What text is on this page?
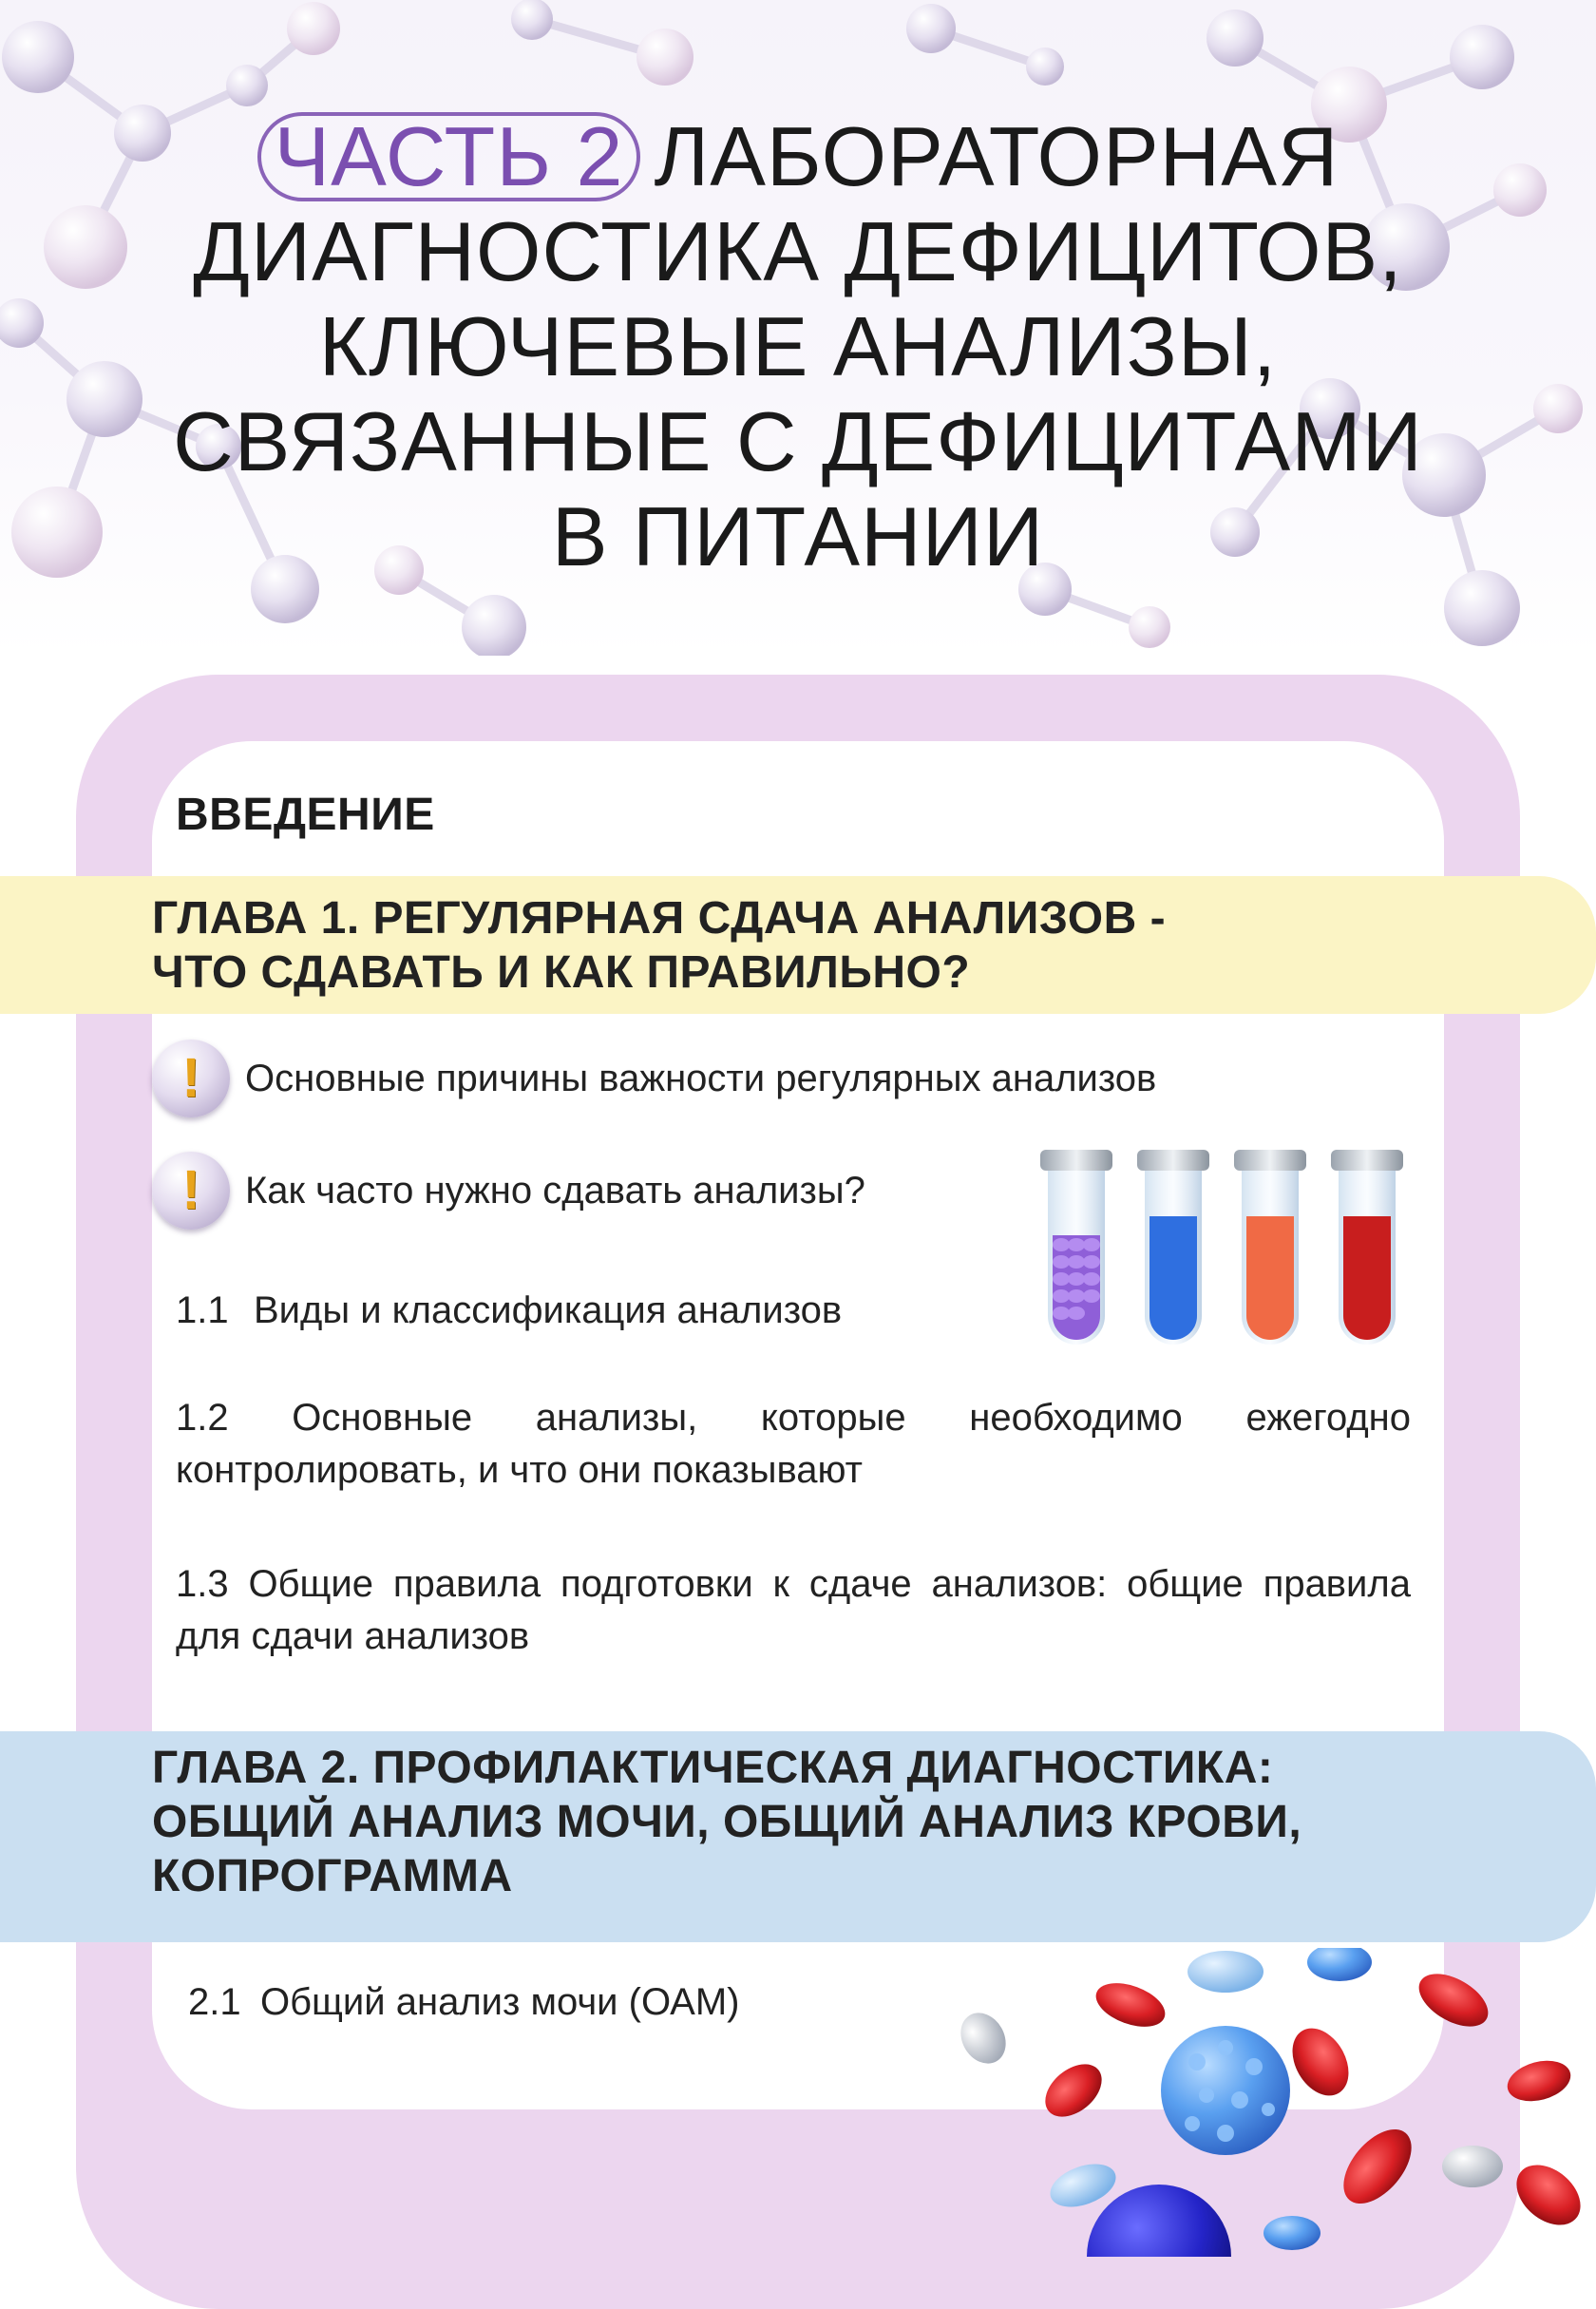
ЧАСТЬ 2 ЛАБОРАТОРНАЯ
ДИАГНОСТИКА ДЕФИЦИТОВ,
КЛЮЧЕВЫЕ АНАЛИЗЫ,
СВЯЗАННЫЕ С ДЕФИЦИТАМИ
В ПИТАНИИ
ВВЕДЕНИЕ
ГЛАВА 1. РЕГУЛЯРНАЯ СДАЧА АНАЛИЗОВ -
ЧТО СДАВАТЬ И КАК ПРАВИЛЬНО?
! Основные причины важности регулярных анализов
! Как часто нужно сдавать анализы?
1.1 Виды и классификация анализов
1.2 Основные анализы, которые необходимо ежегодно контролировать, и что они показывают
1.3 Общие правила подготовки к сдаче анализов: общие правила для сдачи анализов
ГЛАВА 2. ПРОФИЛАКТИЧЕСКАЯ ДИАГНОСТИКА:
ОБЩИЙ АНАЛИЗ МОЧИ, ОБЩИЙ АНАЛИЗ КРОВИ,
КОПРОГРАММА
2.1 Общий анализ мочи (ОАМ)
